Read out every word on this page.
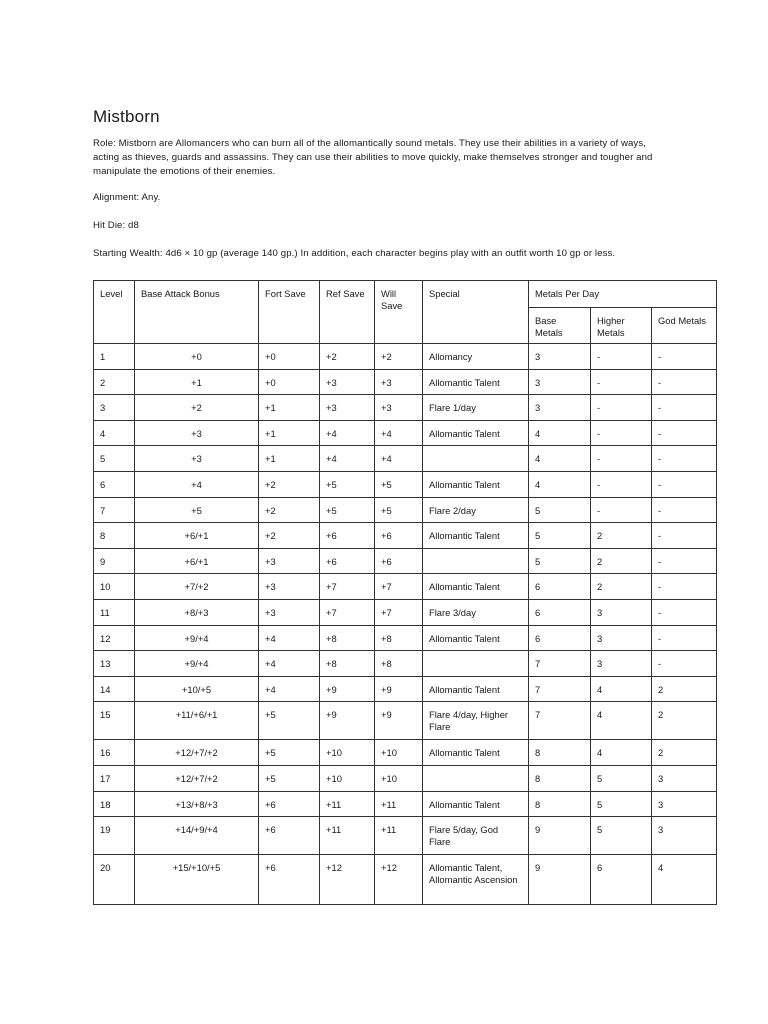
Mistborn

Role: Mistborn are Allomancers who can burn all of the allomantically sound metals. They use their abilities in a variety of ways, acting as thieves, guards and assassins. They can use their abilities to move quickly, make themselves stronger and tougher and manipulate the emotions of their enemies.

Alignment: Any.

Hit Die: d8

Starting Wealth: 4d6 × 10 gp (average 140 gp.) In addition, each character begins play with an outfit worth 10 gp or less.

Level	Base Attack Bonus	Fort Save	Ref Save	Will Save	Special	Metals Per Day		
						Base Metals	Higher Metals	God Metals
1	+0	+0	+2	+2	Allomancy	3	-	-
2	+1	+0	+3	+3	Allomantic Talent	3	-	-
3	+2	+1	+3	+3	Flare 1/day	3	-	-
4	+3	+1	+4	+4	Allomantic Talent	4	-	-
5	+3	+1	+4	+4		4	-	-
6	+4	+2	+5	+5	Allomantic Talent	4	-	-
7	+5	+2	+5	+5	Flare 2/day	5	-	-
8	+6/+1	+2	+6	+6	Allomantic Talent	5	2	-
9	+6/+1	+3	+6	+6		5	2	-
10	+7/+2	+3	+7	+7	Allomantic Talent	6	2	-
11	+8/+3	+3	+7	+7	Flare 3/day	6	3	-
12	+9/+4	+4	+8	+8	Allomantic Talent	6	3	-
13	+9/+4	+4	+8	+8		7	3	-
14	+10/+5	+4	+9	+9	Allomantic Talent	7	4	2
15	+11/+6/+1	+5	+9	+9	Flare 4/day, Higher Flare	7	4	2
16	+12/+7/+2	+5	+10	+10	Allomantic Talent	8	4	2
17	+12/+7/+2	+5	+10	+10		8	5	3
18	+13/+8/+3	+6	+11	+11	Allomantic Talent	8	5	3
19	+14/+9/+4	+6	+11	+11	Flare 5/day, God Flare	9	5	3
20	+15/+10/+5	+6	+12	+12	Allomantic Talent, Allomantic Ascension	9	6	4
